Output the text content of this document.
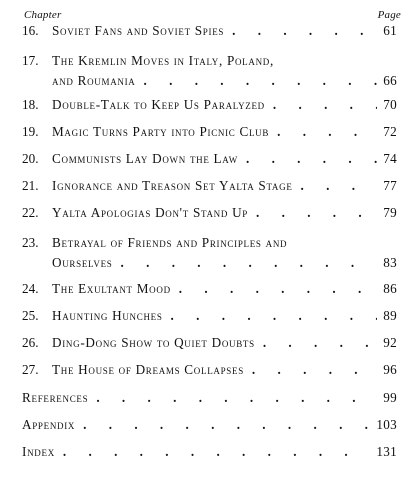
Chapter	Page
16.	Soviet Fans and Soviet Spies . . .	61
17.	The Kremlin Moves in Italy, Poland,
and Roumania . . .	66
18.	Double-Talk to Keep Us Paralyzed . . .	70
19.	Magic Turns Party into Picnic Club . . .	72
20.	Communists Lay Down the Law . . .	74
21.	Ignorance and Treason Set Yalta Stage . . .	77
22.	Yalta Apologias Don't Stand Up . . .	79
23.	Betrayal of Friends and Principles and
Ourselves . . .	83
24.	The Exultant Mood . . .	86
25.	Haunting Hunches . . .	89
26.	Ding-Dong Show to Quiet Doubts . . .	92
27.	The House of Dreams Collapses . . .	96
References . . .	99
Appendix . . .	103
Index . . .	131
